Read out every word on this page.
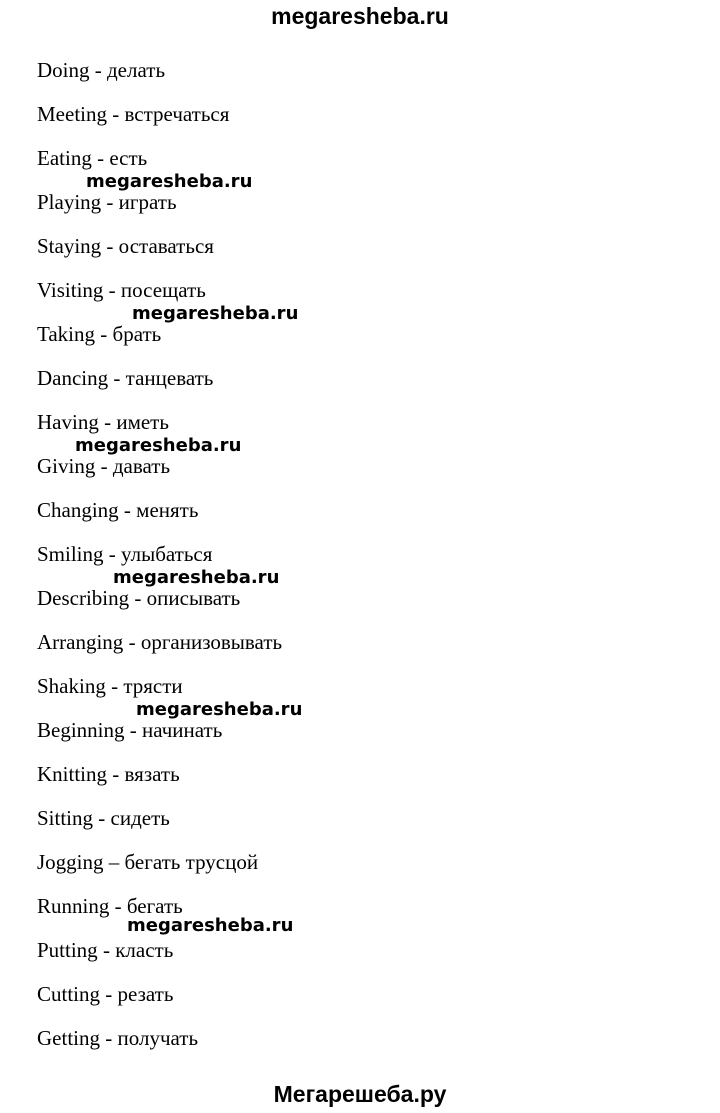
megaresheba.ru
Doing - делать
Meeting - встречаться
Eating - есть
Playing - играть
Staying - оставаться
Visiting - посещать
Taking - брать
Dancing - танцевать
Having - иметь
Giving - давать
Changing - менять
Smiling - улыбаться
Describing - описывать
Arranging - организовывать
Shaking - трясти
Beginning - начинать
Knitting - вязать
Sitting - сидеть
Jogging – бегать трусцой
Running - бегать
Putting - класть
Cutting - резать
Getting - получать
megaresheba.ru
megaresheba.ru
megaresheba.ru
megaresheba.ru
megaresheba.ru
megaresheba.ru
Мегарешеба.ру
